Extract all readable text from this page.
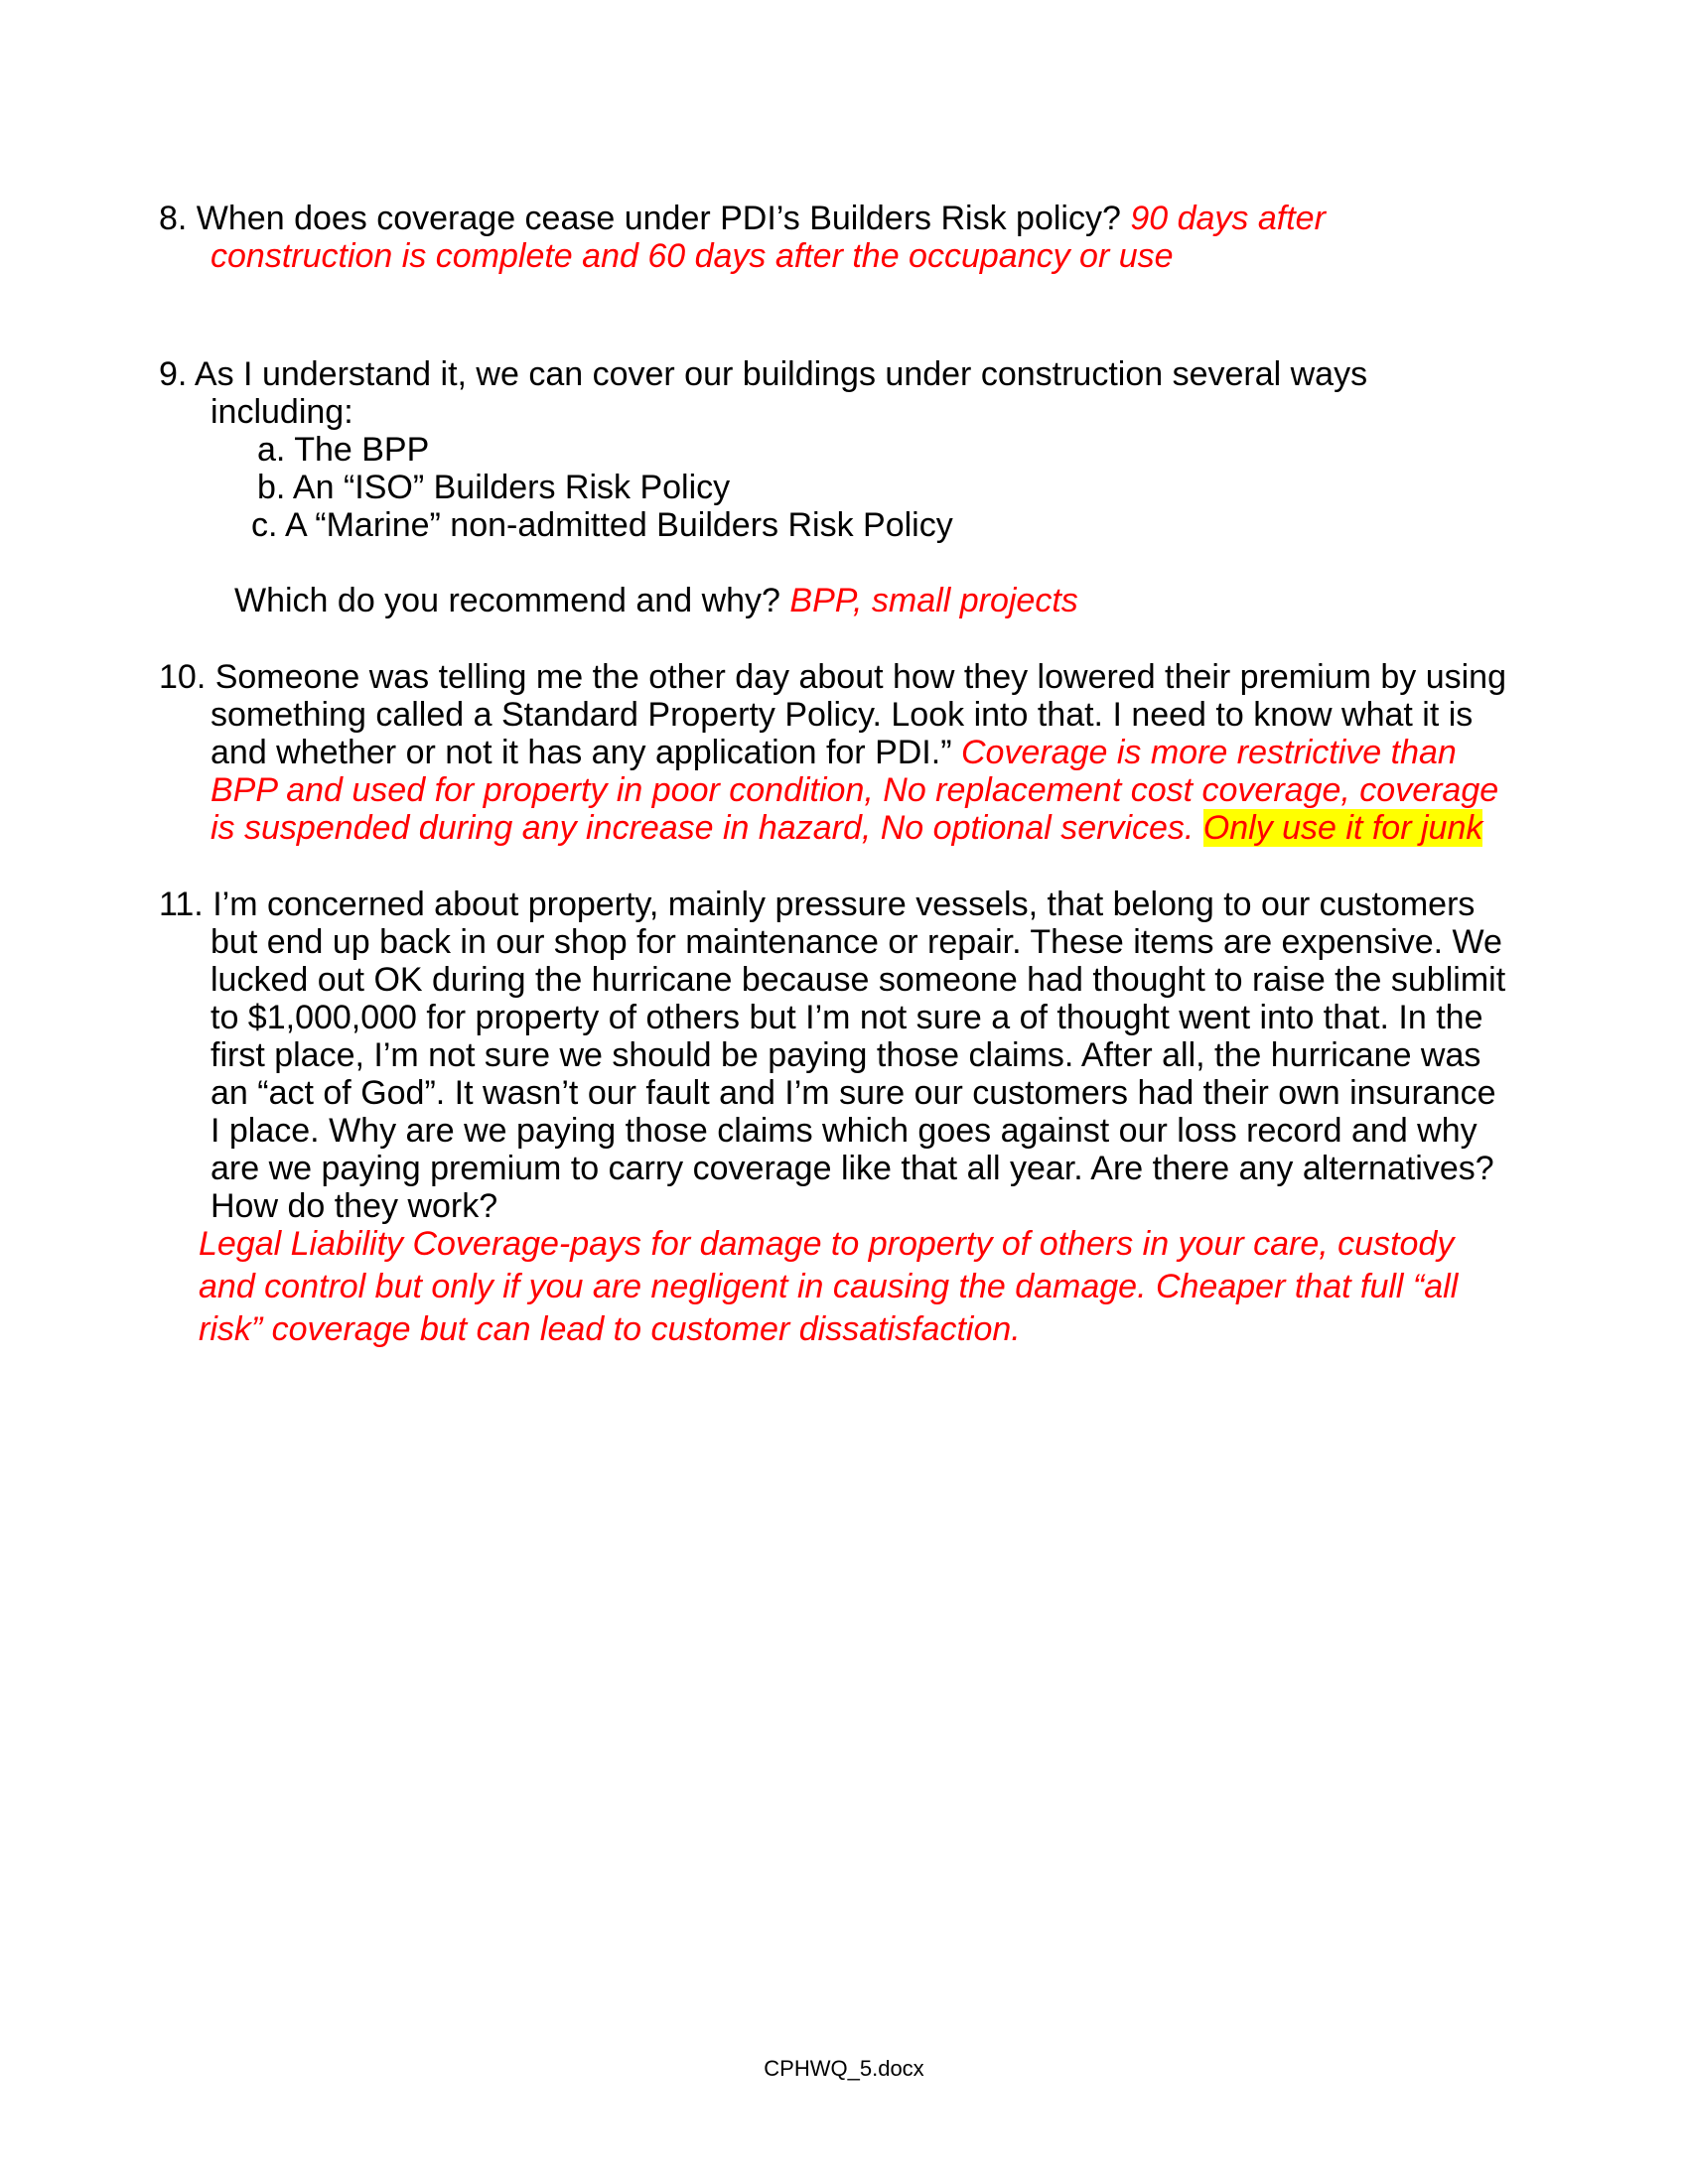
8. When does coverage cease under PDI’s Builders Risk policy? 90 days after
construction is complete and 60 days after the occupancy or use
9. As I understand it, we can cover our buildings under construction several ways
including:
a. The BPP
b. An “ISO” Builders Risk Policy
c. A “Marine” non-admitted Builders Risk Policy
Which do you recommend and why? BPP, small projects
10. Someone was telling me the other day about how they lowered their premium by using
something called a Standard Property Policy. Look into that. I need to know what it is
and whether or not it has any application for PDI.” Coverage is more restrictive than
BPP and used for property in poor condition, No replacement cost coverage, coverage
is suspended during any increase in hazard, No optional services. Only use it for junk
11. I’m concerned about property, mainly pressure vessels, that belong to our customers
but end up back in our shop for maintenance or repair. These items are expensive. We
lucked out OK during the hurricane because someone had thought to raise the sublimit
to $1,000,000 for property of others but I’m not sure a of thought went into that. In the
first place, I’m not sure we should be paying those claims. After all, the hurricane was
an “act of God”. It wasn’t our fault and I’m sure our customers had their own insurance
I place. Why are we paying those claims which goes against our loss record and why
are we paying premium to carry coverage like that all year. Are there any alternatives?
How do they work?
Legal Liability Coverage-pays for damage to property of others in your care, custody
and control but only if you are negligent in causing the damage. Cheaper that full “all
risk” coverage but can lead to customer dissatisfaction.
CPHWQ_5.docx
